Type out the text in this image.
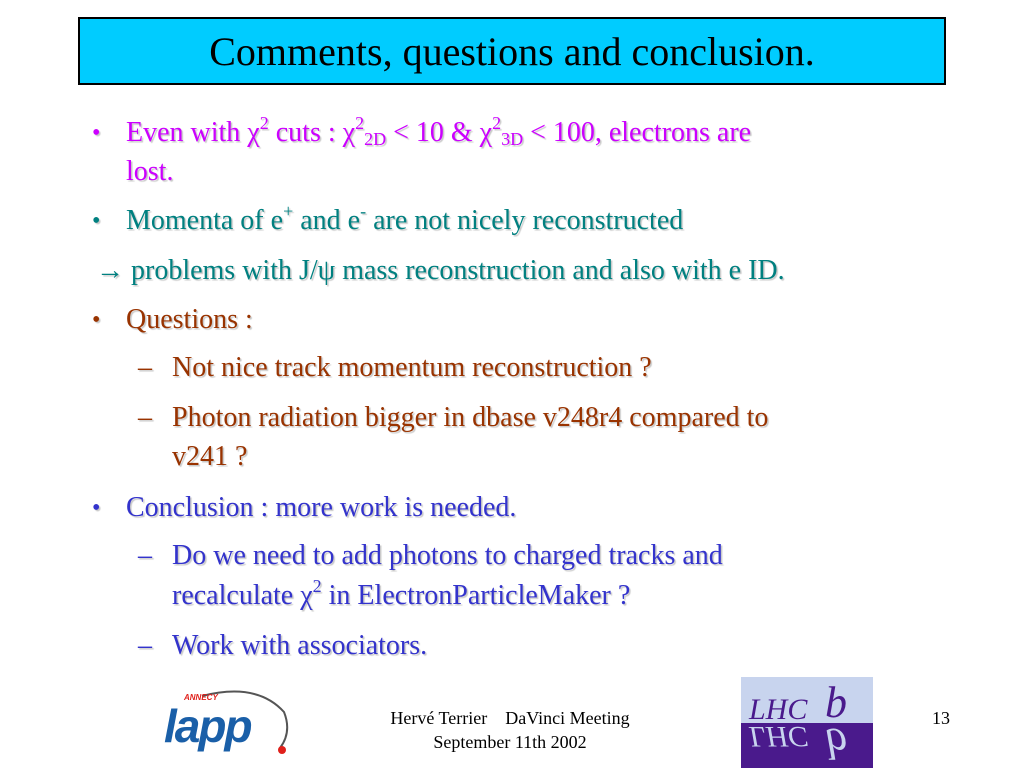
Comments, questions and conclusion.
• Even with $\chi^2$ cuts : $\chi^2_{2D} < 10$ & $\chi^2_{3D} < 100$, electrons are
lost.
• Momenta of e+ and e- are not nicely reconstructed
→ problems with J/ψ mass reconstruction and also with e ID.
• Questions :
– Not nice track momentum reconstruction ?
– Photon radiation bigger in dbase v248r4 compared to
v241 ?
• Conclusion : more work is needed.
– Do we need to add photons to charged tracks and
recalculate $\chi^2$ in ElectronParticleMaker ?
– Work with associators.
ANNECY
lapp	Hervé Terrier DaVinci Meeting
September 11th 2002
LHC b
LHC b
13
